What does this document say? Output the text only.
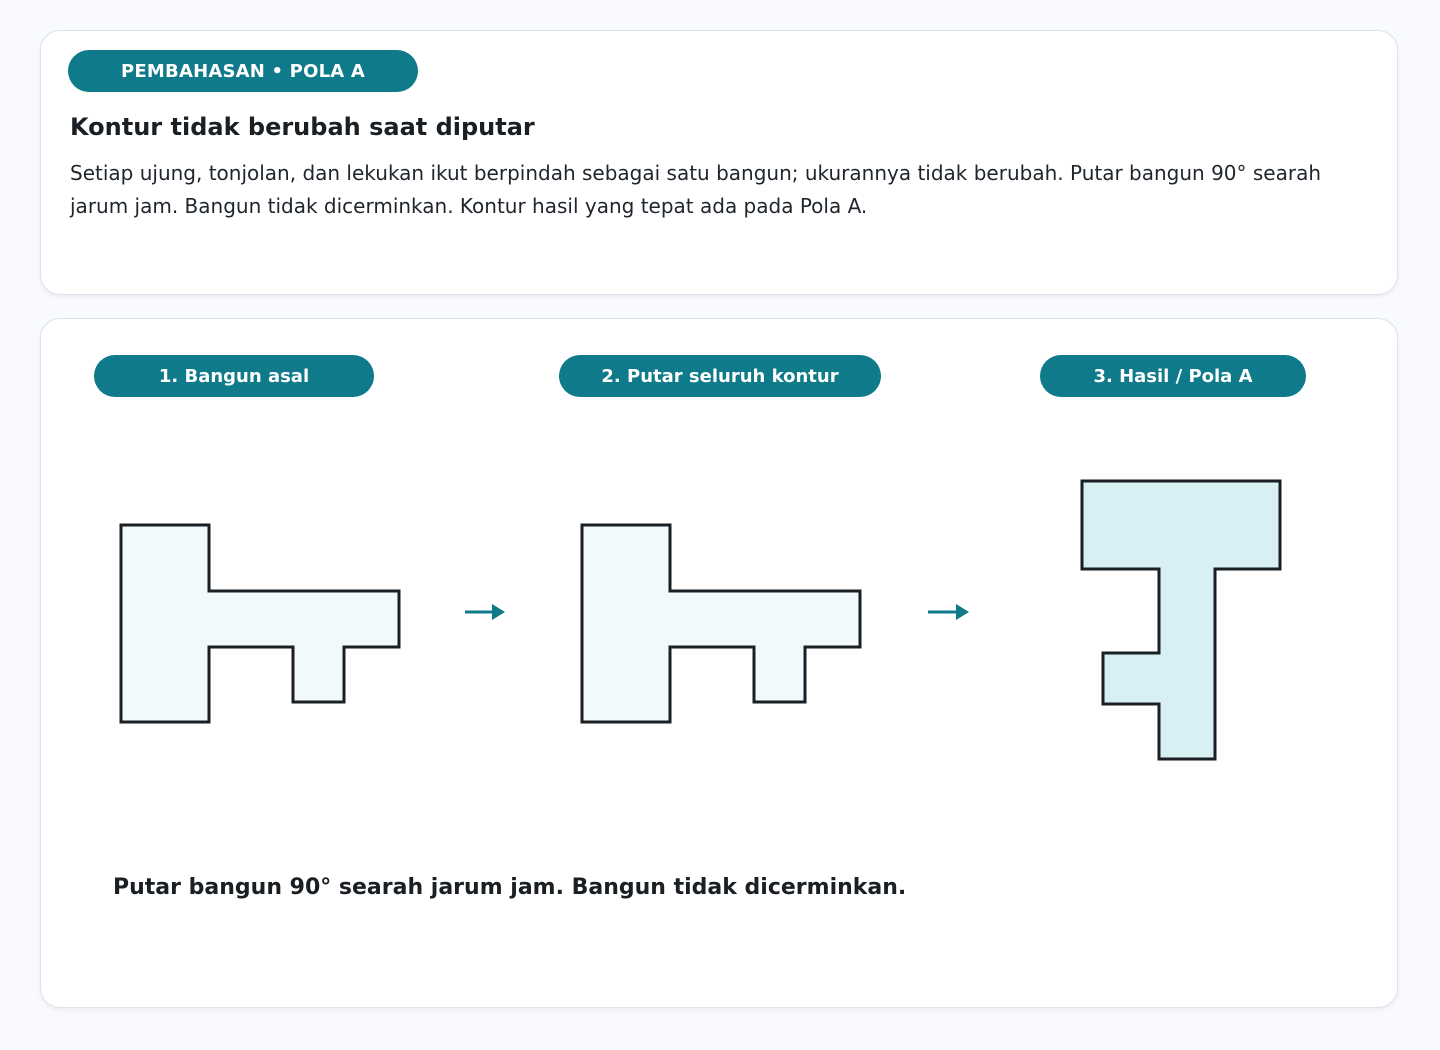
PEMBAHASAN • POLA A
Kontur tidak berubah saat diputar

Setiap ujung, tonjolan, dan lekukan ikut berpindah sebagai satu bangun; ukurannya tidak berubah. Putar bangun 90° searah jarum jam. Bangun tidak dicerminkan. Kontur hasil yang tepat ada pada Pola A.

1. Bangun asal	2. Putar seluruh kontur	3. Hasil / Pola A

Putar bangun 90° searah jarum jam. Bangun tidak dicerminkan.
